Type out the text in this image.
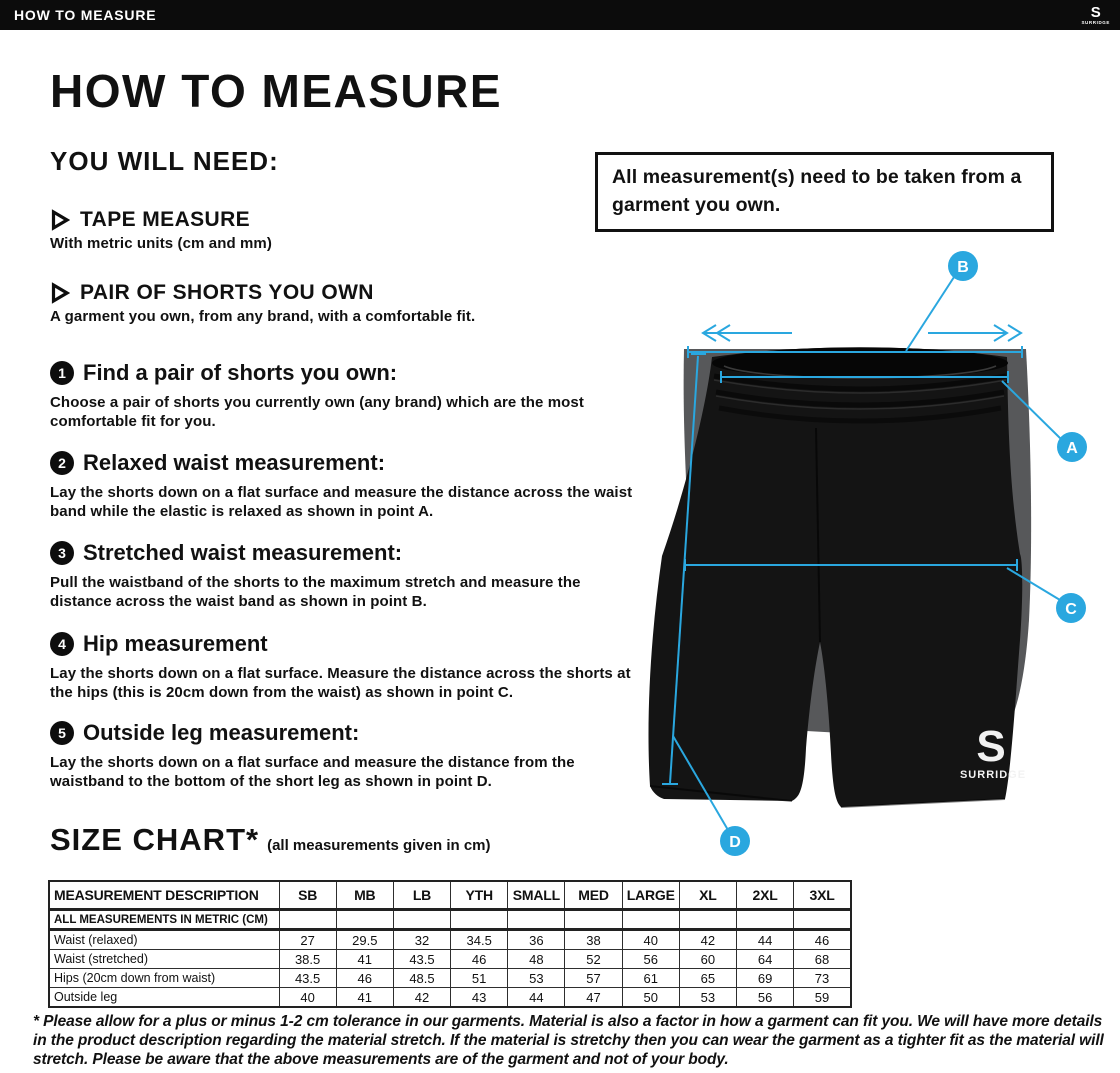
HOW TO MEASURE	S
SURRIDGE
HOW TO MEASURE
YOU WILL NEED:
TAPE MEASURE
With metric units (cm and mm)
PAIR OF SHORTS YOU OWN
A garment you own, from any brand, with a comfortable fit.
All measurement(s) need to be taken from a garment you own.
1 Find a pair of shorts you own:
Choose a pair of shorts you currently own (any brand) which are the most comfortable fit for you.
2 Relaxed waist measurement:
Lay the shorts down on a flat surface and measure the distance across the waist band while the elastic is relaxed as shown in point A.
3 Stretched waist measurement:
Pull the waistband of the shorts to the maximum stretch and measure the distance across the waist band as shown in point B.
4 Hip measurement
Lay the shorts down on a flat surface. Measure the distance across the shorts at the hips (this is 20cm down from the waist) as shown in point C.
5 Outside leg measurement:
Lay the shorts down on a flat surface and measure the distance from the waistband to the bottom of the short leg as shown in point D.
S
SURRIDGE
B
A
C
D
SIZE CHART* (all measurements given in cm)
MEASUREMENT DESCRIPTION	SB	MB	LB	YTH	SMALL	MED	LARGE	XL	2XL	3XL
ALL MEASUREMENTS IN METRIC (CM)										
Waist (relaxed)	27	29.5	32	34.5	36	38	40	42	44	46
Waist (stretched)	38.5	41	43.5	46	48	52	56	60	64	68
Hips (20cm down from waist)	43.5	46	48.5	51	53	57	61	65	69	73
Outside leg	40	41	42	43	44	47	50	53	56	59
* Please allow for a plus or minus 1-2 cm tolerance in our garments. Material is also a factor in how a garment can fit you. We will have more details in the product description regarding the material stretch. If the material is stretchy then you can wear the garment as a tighter fit as the material will stretch. Please be aware that the above measurements are of the garment and not of your body.
